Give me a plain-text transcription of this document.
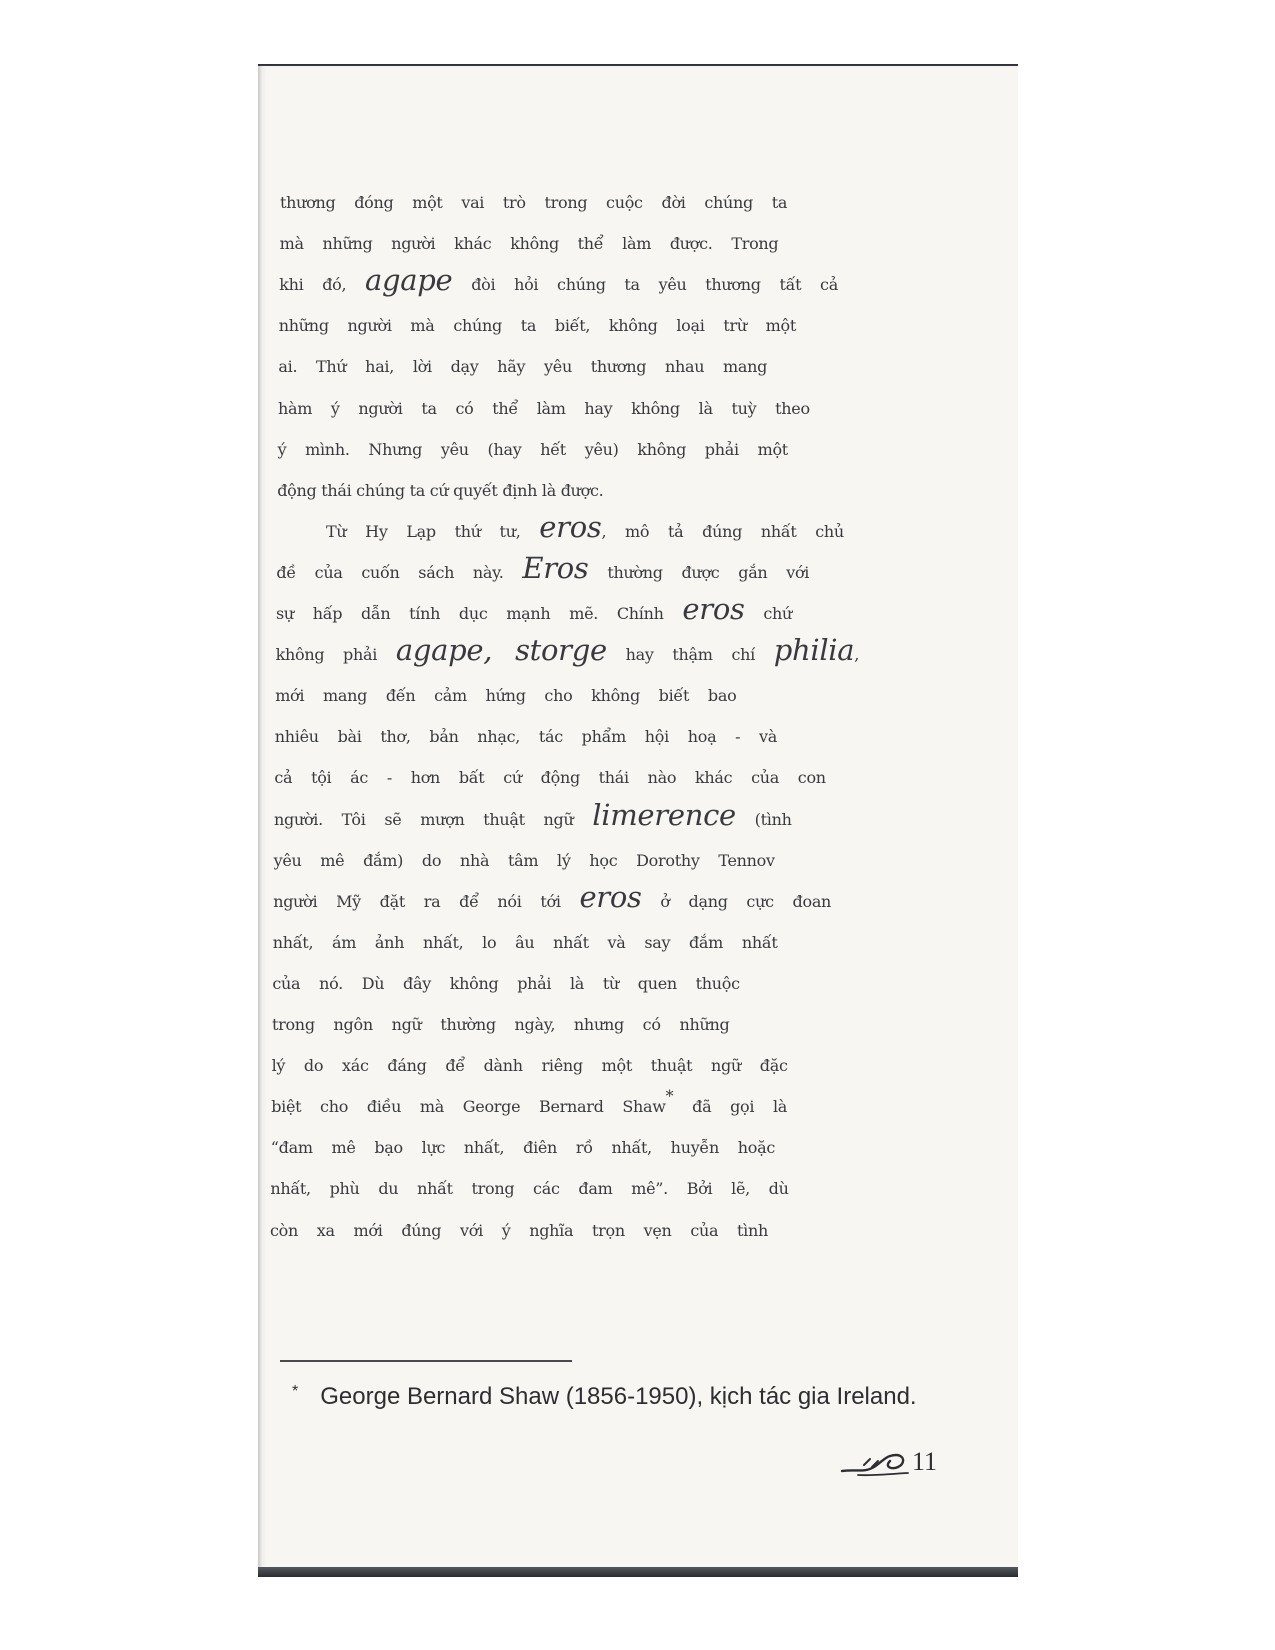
thương đóng một vai trò trong cuộc đời chúng ta
mà những người khác không thể làm được. Trong
khi đó, agape đòi hỏi chúng ta yêu thương tất cả
những người mà chúng ta biết, không loại trừ một
ai. Thứ hai, lời dạy hãy yêu thương nhau mang
hàm ý người ta có thể làm hay không là tuỳ theo
ý mình. Nhưng yêu (hay hết yêu) không phải một
động thái chúng ta cứ quyết định là được.
Từ Hy Lạp thứ tư, eros, mô tả đúng nhất chủ
đề của cuốn sách này. Eros thường được gắn với
sự hấp dẫn tính dục mạnh mẽ. Chính eros chứ
không phải agape, storge hay thậm chí philia,
mới mang đến cảm hứng cho không biết bao
nhiêu bài thơ, bản nhạc, tác phẩm hội hoạ - và
cả tội ác - hơn bất cứ động thái nào khác của con
người. Tôi sẽ mượn thuật ngữ limerence (tình
yêu mê đắm) do nhà tâm lý học Dorothy Tennov
người Mỹ đặt ra để nói tới eros ở dạng cực đoan
nhất, ám ảnh nhất, lo âu nhất và say đắm nhất
của nó. Dù đây không phải là từ quen thuộc
trong ngôn ngữ thường ngày, nhưng có những
lý do xác đáng để dành riêng một thuật ngữ đặc
biệt cho điều mà George Bernard Shaw* đã gọi là
“đam mê bạo lực nhất, điên rồ nhất, huyễn hoặc
nhất, phù du nhất trong các đam mê”. Bởi lẽ, dù
còn xa mới đúng với ý nghĩa trọn vẹn của tình
* George Bernard Shaw (1856-1950), kịch tác gia Ireland.
11
